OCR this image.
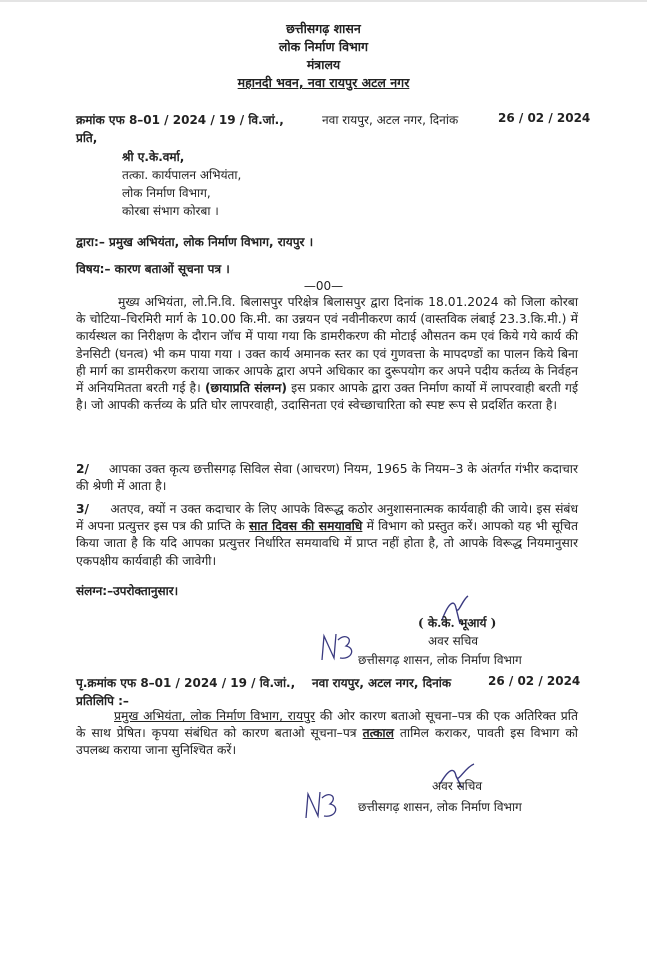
छत्तीसगढ़ शासन
लोक निर्माण विभाग
मंत्रालय
महानदी भवन, नवा रायपुर अटल नगर
क्रमांक एफ 8–01 / 2024 / 19 / वि.जां.,	नवा रायपुर, अटल नगर, दिनांक	26 / 02 / 2024
प्रति,
श्री ए.के.वर्मा,
तत्का. कार्यपालन अभियंता,
लोक निर्माण विभाग,
कोरबा संभाग कोरबा ।
द्वारा:– प्रमुख अभियंता, लोक निर्माण विभाग, रायपुर ।
विषय:– कारण बताओं सूचना पत्र ।
—00—
मुख्य अभियंता, लो.नि.वि. बिलासपुर परिक्षेत्र बिलासपुर द्वारा दिनांक 18.01.2024 को जिला कोरबा के चोटिया–चिरमिरी मार्ग के 10.00 कि.मी. का उन्नयन एवं नवीनीकरण कार्य (वास्तविक लंबाई 23.3.कि.मी.) में कार्यस्थल का निरीक्षण के दौरान जॉच में पाया गया कि डामरीकरण की मोटाई औसतन कम एवं किये गये कार्य की डेनसिटी (घनत्व) भी कम पाया गया । उक्त कार्य अमानक स्तर का एवं गुणवत्ता के मापदण्डों का पालन किये बिना ही मार्ग का डामरीकरण कराया जाकर आपके द्वारा अपने अधिकार का दुरूपयोग कर अपने पदीय कर्तव्य के निर्वहन में अनियमितता बरती गई है। (छायाप्रति संलग्न) इस प्रकार आपके द्वारा उक्त निर्माण कार्यो में लापरवाही बरती गई है। जो आपकी कर्त्तव्य के प्रति घोर लापरवाही, उदासिनता एवं स्वेच्छाचारिता को स्पष्ट रूप से प्रदर्शित करता है।
2/ आपका उक्त कृत्य छत्तीसगढ़ सिविल सेवा (आचरण) नियम, 1965 के नियम–3 के अंतर्गत गंभीर कदाचार की श्रेणी में आता है।
3/ अतएव, क्यों न उक्त कदाचार के लिए आपके विरूद्ध कठोर अनुशासनात्मक कार्यवाही की जाये। इस संबंध में अपना प्रत्युत्तर इस पत्र की प्राप्ति के सात दिवस की समयावधि में विभाग को प्रस्तुत करें। आपको यह भी सूचित किया जाता है कि यदि आपका प्रत्युत्तर निर्धारित समयावधि में प्राप्त नहीं होता है, तो आपके विरूद्ध नियमानुसार एकपक्षीय कार्यवाही की जावेगी।
संलग्न:–उपरोक्तानुसार।
( के.के. भूआर्य )
अवर सचिव
छत्तीसगढ़ शासन, लोक निर्माण विभाग
पृ.क्रमांक एफ 8–01 / 2024 / 19 / वि.जां., नवा रायपुर, अटल नगर, दिनांक	26 / 02 / 2024
प्रतिलिपि :–
प्रमुख अभियंता, लोक निर्माण विभाग, रायपुर की ओर कारण बताओ सूचना–पत्र की एक अतिरिक्त प्रति के साथ प्रेषित। कृपया संबंधित को कारण बताओ सूचना–पत्र तत्काल तामिल कराकर, पावती इस विभाग को उपलब्ध कराया जाना सुनिश्चित करें।
अवर सचिव
छत्तीसगढ़ शासन, लोक निर्माण विभाग
